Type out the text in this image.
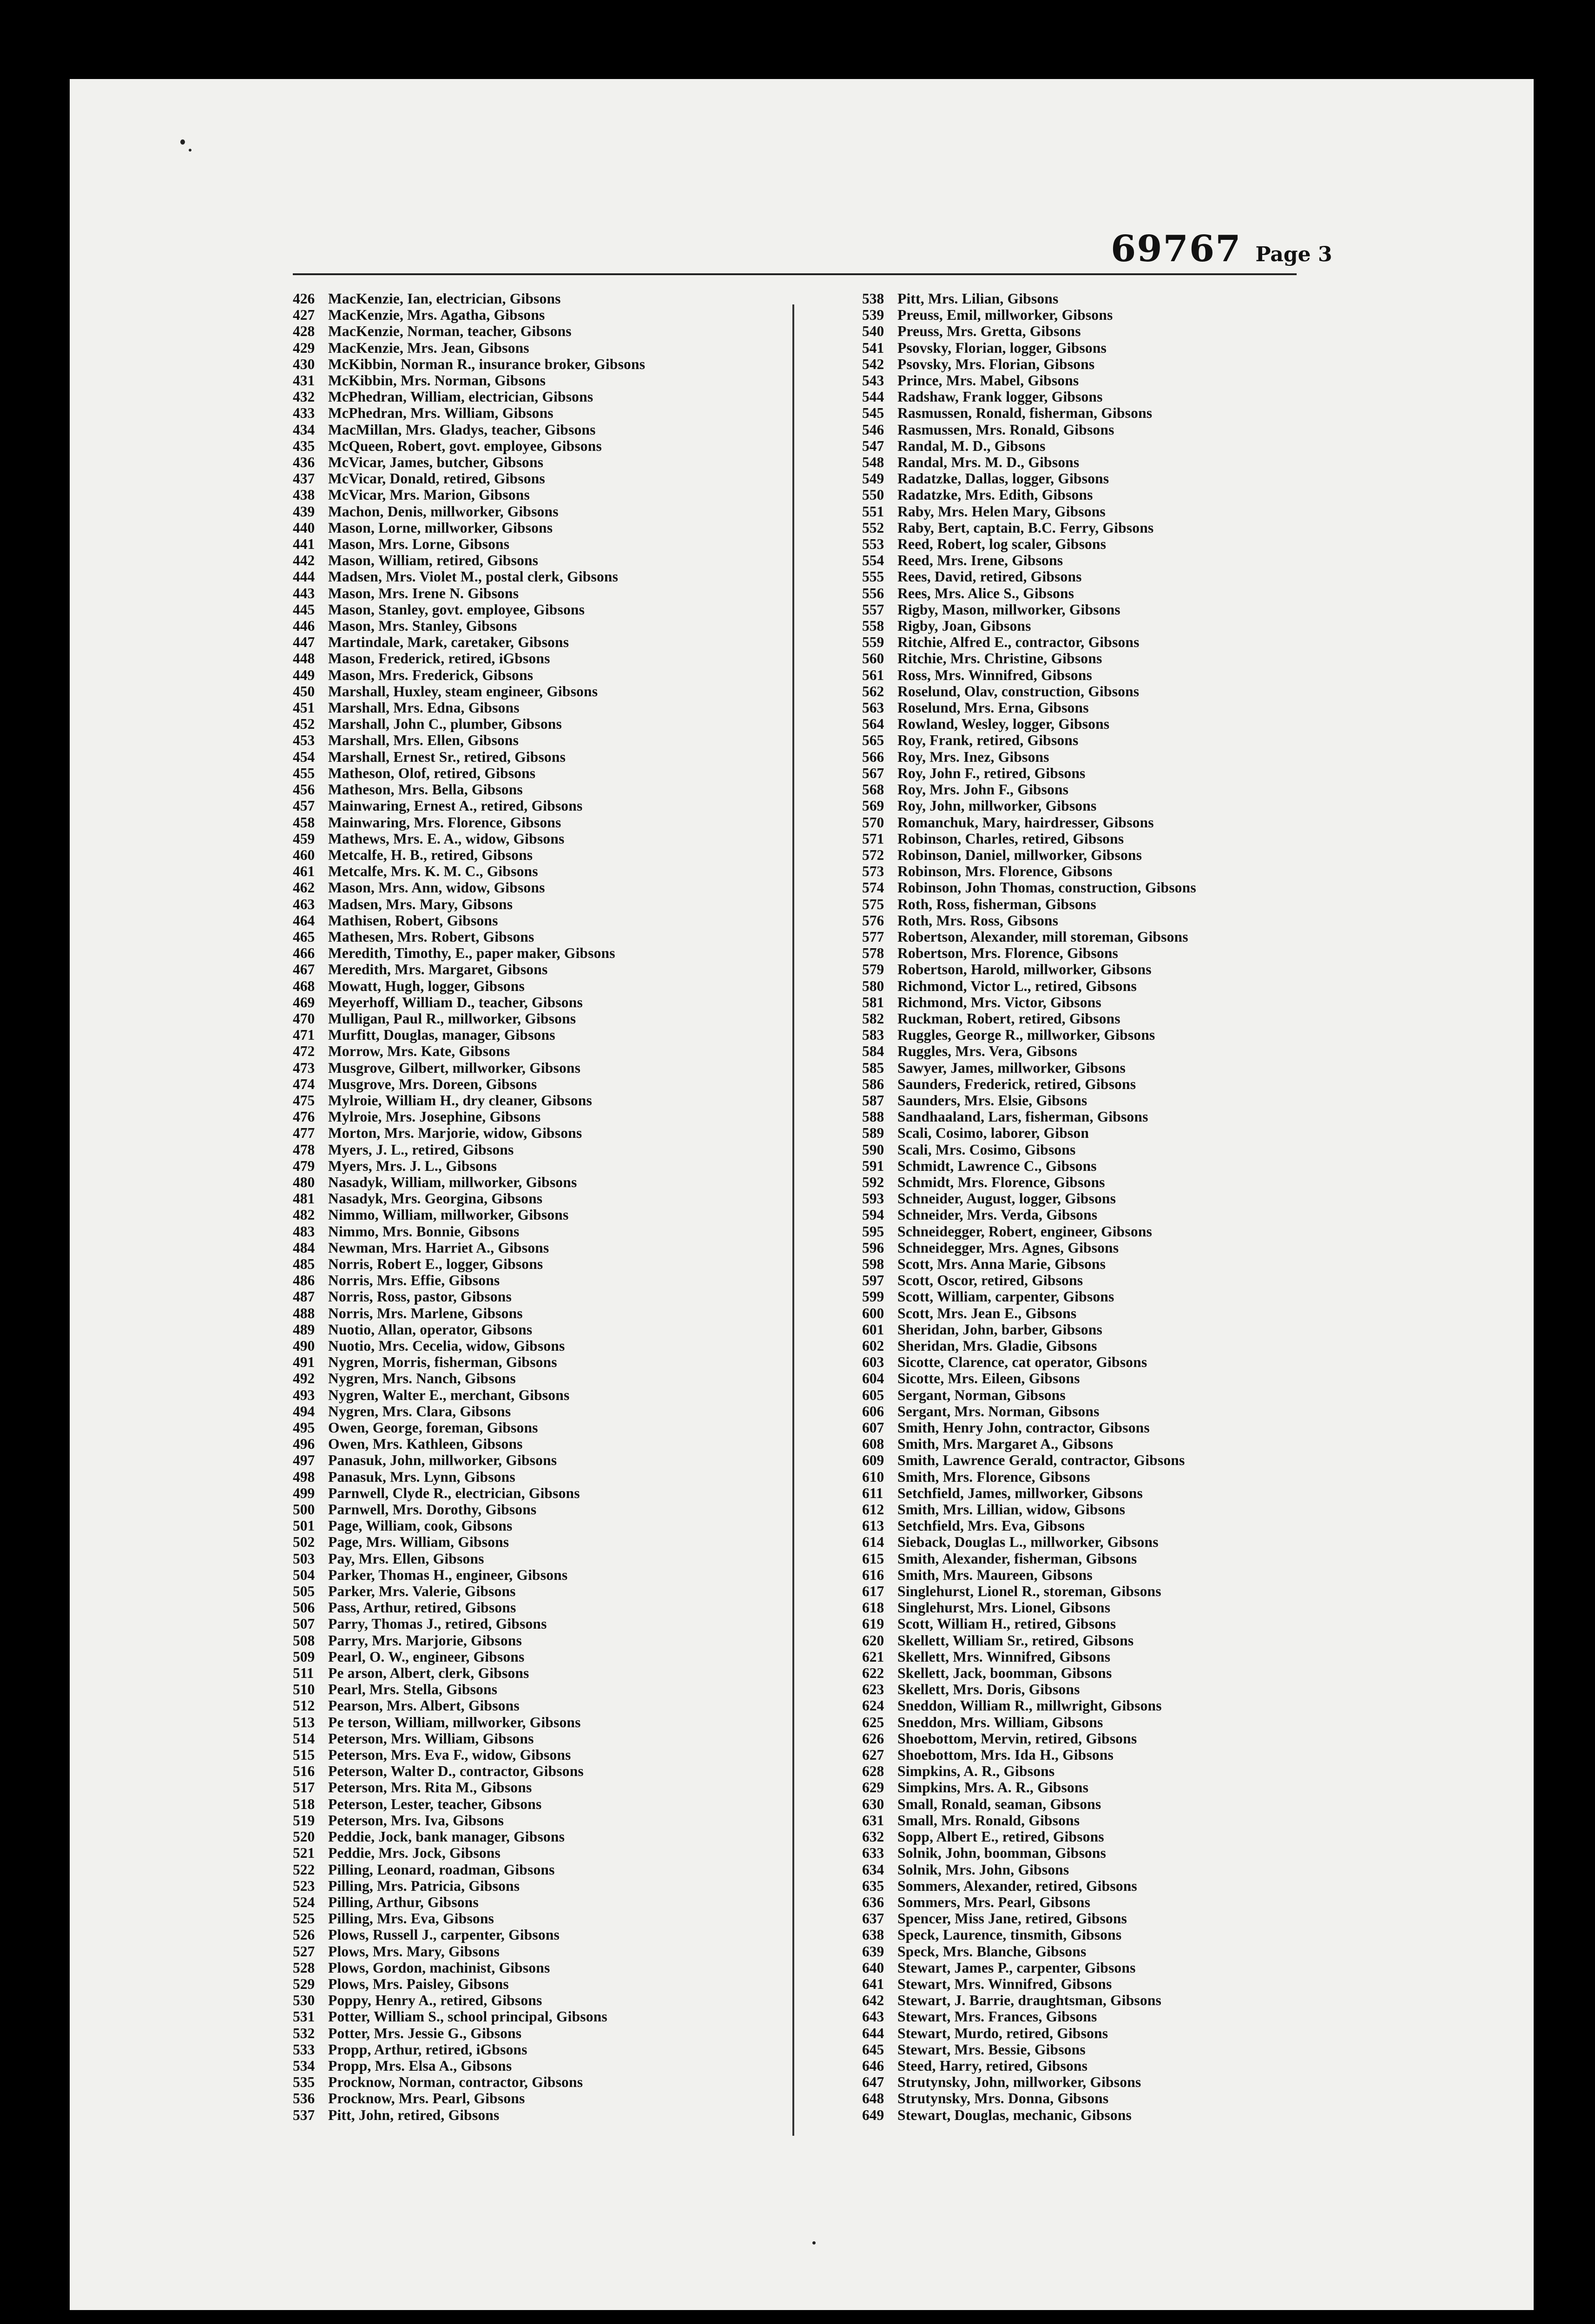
69767 Page 3
426 MacKenzie, Ian, electrician, Gibsons
427 MacKenzie, Mrs. Agatha, Gibsons
428 MacKenzie, Norman, teacher, Gibsons
429 MacKenzie, Mrs. Jean, Gibsons
430 McKibbin, Norman R., insurance broker, Gibsons
431 McKibbin, Mrs. Norman, Gibsons
432 McPhedran, William, electrician, Gibsons
433 McPhedran, Mrs. William, Gibsons
434 MacMillan, Mrs. Gladys, teacher, Gibsons
435 McQueen, Robert, govt. employee, Gibsons
436 McVicar, James, butcher, Gibsons
437 McVicar, Donald, retired, Gibsons
438 McVicar, Mrs. Marion, Gibsons
439 Machon, Denis, millworker, Gibsons
440 Mason, Lorne, millworker, Gibsons
441 Mason, Mrs. Lorne, Gibsons
442 Mason, William, retired, Gibsons
444 Madsen, Mrs. Violet M., postal clerk, Gibsons
443 Mason, Mrs. Irene N. Gibsons
445 Mason, Stanley, govt. employee, Gibsons
446 Mason, Mrs. Stanley, Gibsons
447 Martindale, Mark, caretaker, Gibsons
448 Mason, Frederick, retired, iGbsons
449 Mason, Mrs. Frederick, Gibsons
450 Marshall, Huxley, steam engineer, Gibsons
451 Marshall, Mrs. Edna, Gibsons
452 Marshall, John C., plumber, Gibsons
453 Marshall, Mrs. Ellen, Gibsons
454 Marshall, Ernest Sr., retired, Gibsons
455 Matheson, Olof, retired, Gibsons
456 Matheson, Mrs. Bella, Gibsons
457 Mainwaring, Ernest A., retired, Gibsons
458 Mainwaring, Mrs. Florence, Gibsons
459 Mathews, Mrs. E. A., widow, Gibsons
460 Metcalfe, H. B., retired, Gibsons
461 Metcalfe, Mrs. K. M. C., Gibsons
462 Mason, Mrs. Ann, widow, Gibsons
463 Madsen, Mrs. Mary, Gibsons
464 Mathisen, Robert, Gibsons
465 Mathesen, Mrs. Robert, Gibsons
466 Meredith, Timothy, E., paper maker, Gibsons
467 Meredith, Mrs. Margaret, Gibsons
468 Mowatt, Hugh, logger, Gibsons
469 Meyerhoff, William D., teacher, Gibsons
470 Mulligan, Paul R., millworker, Gibsons
471 Murfitt, Douglas, manager, Gibsons
472 Morrow, Mrs. Kate, Gibsons
473 Musgrove, Gilbert, millworker, Gibsons
474 Musgrove, Mrs. Doreen, Gibsons
475 Mylroie, William H., dry cleaner, Gibsons
476 Mylroie, Mrs. Josephine, Gibsons
477 Morton, Mrs. Marjorie, widow, Gibsons
478 Myers, J. L., retired, Gibsons
479 Myers, Mrs. J. L., Gibsons
480 Nasadyk, William, millworker, Gibsons
481 Nasadyk, Mrs. Georgina, Gibsons
482 Nimmo, William, millworker, Gibsons
483 Nimmo, Mrs. Bonnie, Gibsons
484 Newman, Mrs. Harriet A., Gibsons
485 Norris, Robert E., logger, Gibsons
486 Norris, Mrs. Effie, Gibsons
487 Norris, Ross, pastor, Gibsons
488 Norris, Mrs. Marlene, Gibsons
489 Nuotio, Allan, operator, Gibsons
490 Nuotio, Mrs. Cecelia, widow, Gibsons
491 Nygren, Morris, fisherman, Gibsons
492 Nygren, Mrs. Nanch, Gibsons
493 Nygren, Walter E., merchant, Gibsons
494 Nygren, Mrs. Clara, Gibsons
495 Owen, George, foreman, Gibsons
496 Owen, Mrs. Kathleen, Gibsons
497 Panasuk, John, millworker, Gibsons
498 Panasuk, Mrs. Lynn, Gibsons
499 Parnwell, Clyde R., electrician, Gibsons
500 Parnwell, Mrs. Dorothy, Gibsons
501 Page, William, cook, Gibsons
502 Page, Mrs. William, Gibsons
503 Pay, Mrs. Ellen, Gibsons
504 Parker, Thomas H., engineer, Gibsons
505 Parker, Mrs. Valerie, Gibsons
506 Pass, Arthur, retired, Gibsons
507 Parry, Thomas J., retired, Gibsons
508 Parry, Mrs. Marjorie, Gibsons
509 Pearl, O. W., engineer, Gibsons
511 Pe arson, Albert, clerk, Gibsons
510 Pearl, Mrs. Stella, Gibsons
512 Pearson, Mrs. Albert, Gibsons
513 Pe terson, William, millworker, Gibsons
514 Peterson, Mrs. William, Gibsons
515 Peterson, Mrs. Eva F., widow, Gibsons
516 Peterson, Walter D., contractor, Gibsons
517 Peterson, Mrs. Rita M., Gibsons
518 Peterson, Lester, teacher, Gibsons
519 Peterson, Mrs. Iva, Gibsons
520 Peddie, Jock, bank manager, Gibsons
521 Peddie, Mrs. Jock, Gibsons
522 Pilling, Leonard, roadman, Gibsons
523 Pilling, Mrs. Patricia, Gibsons
524 Pilling, Arthur, Gibsons
525 Pilling, Mrs. Eva, Gibsons
526 Plows, Russell J., carpenter, Gibsons
527 Plows, Mrs. Mary, Gibsons
528 Plows, Gordon, machinist, Gibsons
529 Plows, Mrs. Paisley, Gibsons
530 Poppy, Henry A., retired, Gibsons
531 Potter, William S., school principal, Gibsons
532 Potter, Mrs. Jessie G., Gibsons
533 Propp, Arthur, retired, iGbsons
534 Propp, Mrs. Elsa A., Gibsons
535 Procknow, Norman, contractor, Gibsons
536 Procknow, Mrs. Pearl, Gibsons
537 Pitt, John, retired, Gibsons
538 Pitt, Mrs. Lilian, Gibsons
539 Preuss, Emil, millworker, Gibsons
540 Preuss, Mrs. Gretta, Gibsons
541 Psovsky, Florian, logger, Gibsons
542 Psovsky, Mrs. Florian, Gibsons
543 Prince, Mrs. Mabel, Gibsons
544 Radshaw, Frank logger, Gibsons
545 Rasmussen, Ronald, fisherman, Gibsons
546 Rasmussen, Mrs. Ronald, Gibsons
547 Randal, M. D., Gibsons
548 Randal, Mrs. M. D., Gibsons
549 Radatzke, Dallas, logger, Gibsons
550 Radatzke, Mrs. Edith, Gibsons
551 Raby, Mrs. Helen Mary, Gibsons
552 Raby, Bert, captain, B.C. Ferry, Gibsons
553 Reed, Robert, log scaler, Gibsons
554 Reed, Mrs. Irene, Gibsons
555 Rees, David, retired, Gibsons
556 Rees, Mrs. Alice S., Gibsons
557 Rigby, Mason, millworker, Gibsons
558 Rigby, Joan, Gibsons
559 Ritchie, Alfred E., contractor, Gibsons
560 Ritchie, Mrs. Christine, Gibsons
561 Ross, Mrs. Winnifred, Gibsons
562 Roselund, Olav, construction, Gibsons
563 Roselund, Mrs. Erna, Gibsons
564 Rowland, Wesley, logger, Gibsons
565 Roy, Frank, retired, Gibsons
566 Roy, Mrs. Inez, Gibsons
567 Roy, John F., retired, Gibsons
568 Roy, Mrs. John F., Gibsons
569 Roy, John, millworker, Gibsons
570 Romanchuk, Mary, hairdresser, Gibsons
571 Robinson, Charles, retired, Gibsons
572 Robinson, Daniel, millworker, Gibsons
573 Robinson, Mrs. Florence, Gibsons
574 Robinson, John Thomas, construction, Gibsons
575 Roth, Ross, fisherman, Gibsons
576 Roth, Mrs. Ross, Gibsons
577 Robertson, Alexander, mill storeman, Gibsons
578 Robertson, Mrs. Florence, Gibsons
579 Robertson, Harold, millworker, Gibsons
580 Richmond, Victor L., retired, Gibsons
581 Richmond, Mrs. Victor, Gibsons
582 Ruckman, Robert, retired, Gibsons
583 Ruggles, George R., millworker, Gibsons
584 Ruggles, Mrs. Vera, Gibsons
585 Sawyer, James, millworker, Gibsons
586 Saunders, Frederick, retired, Gibsons
587 Saunders, Mrs. Elsie, Gibsons
588 Sandhaaland, Lars, fisherman, Gibsons
589 Scali, Cosimo, laborer, Gibson
590 Scali, Mrs. Cosimo, Gibsons
591 Schmidt, Lawrence C., Gibsons
592 Schmidt, Mrs. Florence, Gibsons
593 Schneider, August, logger, Gibsons
594 Schneider, Mrs. Verda, Gibsons
595 Schneidegger, Robert, engineer, Gibsons
596 Schneidegger, Mrs. Agnes, Gibsons
598 Scott, Mrs. Anna Marie, Gibsons
597 Scott, Oscor, retired, Gibsons
599 Scott, William, carpenter, Gibsons
600 Scott, Mrs. Jean E., Gibsons
601 Sheridan, John, barber, Gibsons
602 Sheridan, Mrs. Gladie, Gibsons
603 Sicotte, Clarence, cat operator, Gibsons
604 Sicotte, Mrs. Eileen, Gibsons
605 Sergant, Norman, Gibsons
606 Sergant, Mrs. Norman, Gibsons
607 Smith, Henry John, contractor, Gibsons
608 Smith, Mrs. Margaret A., Gibsons
609 Smith, Lawrence Gerald, contractor, Gibsons
610 Smith, Mrs. Florence, Gibsons
611 Setchfield, James, millworker, Gibsons
612 Smith, Mrs. Lillian, widow, Gibsons
613 Setchfield, Mrs. Eva, Gibsons
614 Sieback, Douglas L., millworker, Gibsons
615 Smith, Alexander, fisherman, Gibsons
616 Smith, Mrs. Maureen, Gibsons
617 Singlehurst, Lionel R., storeman, Gibsons
618 Singlehurst, Mrs. Lionel, Gibsons
619 Scott, William H., retired, Gibsons
620 Skellett, William Sr., retired, Gibsons
621 Skellett, Mrs. Winnifred, Gibsons
622 Skellett, Jack, boomman, Gibsons
623 Skellett, Mrs. Doris, Gibsons
624 Sneddon, William R., millwright, Gibsons
625 Sneddon, Mrs. William, Gibsons
626 Shoebottom, Mervin, retired, Gibsons
627 Shoebottom, Mrs. Ida H., Gibsons
628 Simpkins, A. R., Gibsons
629 Simpkins, Mrs. A. R., Gibsons
630 Small, Ronald, seaman, Gibsons
631 Small, Mrs. Ronald, Gibsons
632 Sopp, Albert E., retired, Gibsons
633 Solnik, John, boomman, Gibsons
634 Solnik, Mrs. John, Gibsons
635 Sommers, Alexander, retired, Gibsons
636 Sommers, Mrs. Pearl, Gibsons
637 Spencer, Miss Jane, retired, Gibsons
638 Speck, Laurence, tinsmith, Gibsons
639 Speck, Mrs. Blanche, Gibsons
640 Stewart, James P., carpenter, Gibsons
641 Stewart, Mrs. Winnifred, Gibsons
642 Stewart, J. Barrie, draughtsman, Gibsons
643 Stewart, Mrs. Frances, Gibsons
644 Stewart, Murdo, retired, Gibsons
645 Stewart, Mrs. Bessie, Gibsons
646 Steed, Harry, retired, Gibsons
647 Strutynsky, John, millworker, Gibsons
648 Strutynsky, Mrs. Donna, Gibsons
649 Stewart, Douglas, mechanic, Gibsons
